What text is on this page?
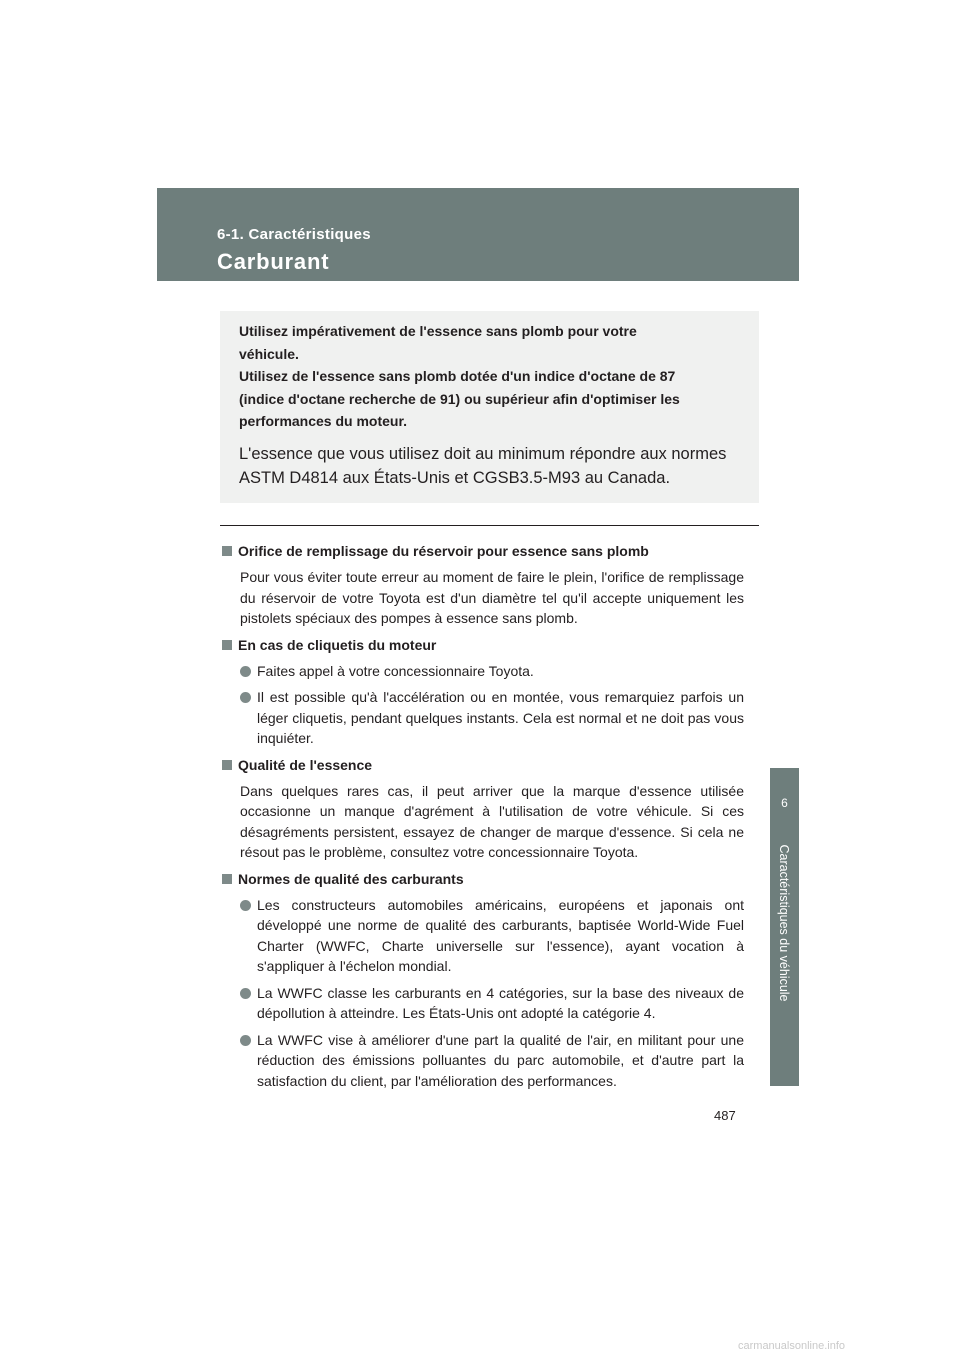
6-1. Caractéristiques
Carburant
6
Caractéristiques du véhicule

Utilisez impérativement de l'essence sans plomb pour votre
véhicule.
Utilisez de l'essence sans plomb dotée d'un indice d'octane de 87
(indice d'octane recherche de 91) ou supérieur afin d'optimiser les
performances du moteur.

L'essence que vous utilisez doit au minimum répondre aux normes ASTM D4814 aux États-Unis et CGSB3.5-M93 au Canada.

Orifice de remplissage du réservoir pour essence sans plomb

Pour vous éviter toute erreur au moment de faire le plein, l'orifice de remplissage du réservoir de votre Toyota est d'un diamètre tel qu'il accepte uniquement les pistolets spéciaux des pompes à essence sans plomb.

En cas de cliquetis du moteur
Faites appel à votre concessionnaire Toyota.
Il est possible qu'à l'accélération ou en montée, vous remarquiez parfois un léger cliquetis, pendant quelques instants. Cela est normal et ne doit pas vous inquiéter.
Qualité de l'essence

Dans quelques rares cas, il peut arriver que la marque d'essence utilisée occasionne un manque d'agrément à l'utilisation de votre véhicule. Si ces désagréments persistent, essayez de changer de marque d'essence. Si cela ne résout pas le problème, consultez votre concessionnaire Toyota.

Normes de qualité des carburants
Les constructeurs automobiles américains, européens et japonais ont développé une norme de qualité des carburants, baptisée World-Wide Fuel Charter (WWFC, Charte universelle sur l'essence), ayant vocation à s'appliquer à l'échelon mondial.
La WWFC classe les carburants en 4 catégories, sur la base des niveaux de dépollution à atteindre. Les États-Unis ont adopté la catégorie 4.
La WWFC vise à améliorer d'une part la qualité de l'air, en militant pour une réduction des émissions polluantes du parc automobile, et d'autre part la satisfaction du client, par l'amélioration des performances.
487
carmanualsonline.info
